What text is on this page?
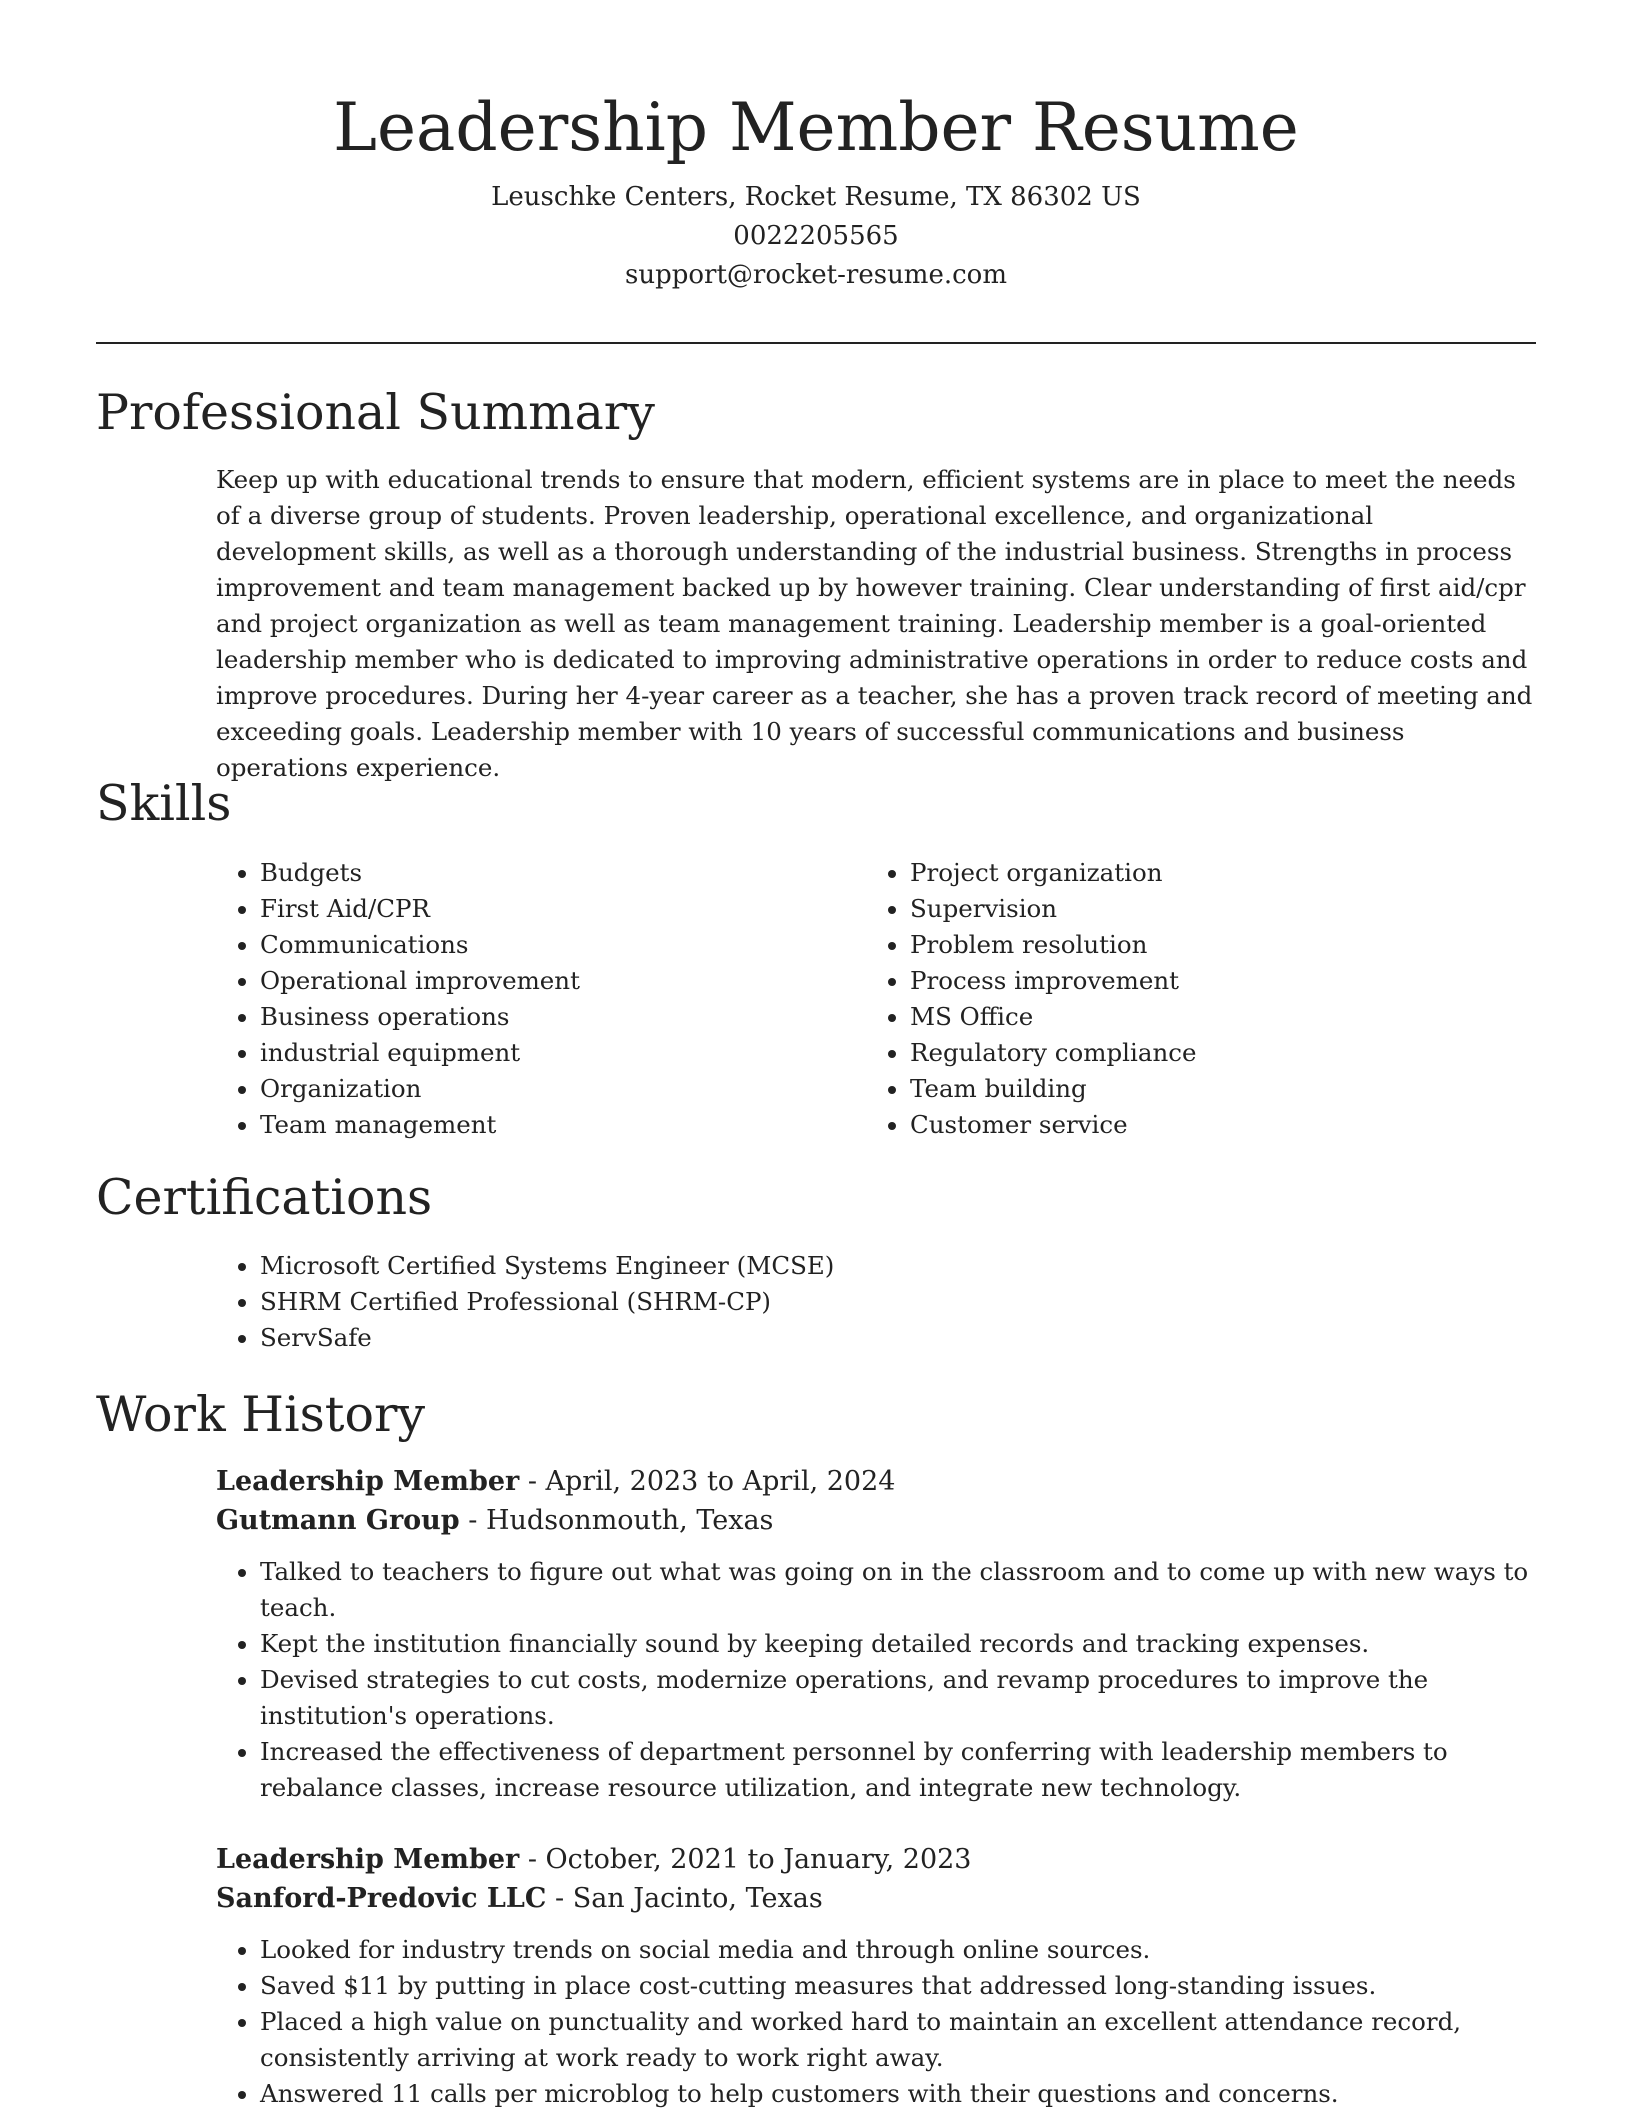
Leadership Member Resume
Leuschke Centers, Rocket Resume, TX 86302 US
0022205565
support@rocket-resume.com
Professional Summary

Keep up with educational trends to ensure that modern, efficient systems are in place to meet the needs of a diverse group of students. Proven leadership, operational excellence, and organizational development skills, as well as a thorough understanding of the industrial business. Strengths in process improvement and team management backed up by however training. Clear understanding of first aid/cpr and project organization as well as team management training. Leadership member is a goal-oriented leadership member who is dedicated to improving administrative operations in order to reduce costs and improve procedures. During her 4-year career as a teacher, she has a proven track record of meeting and exceeding goals. Leadership member with 10 years of successful communications and business operations experience.

Skills
• Budgets
• First Aid/CPR
• Communications
• Operational improvement
• Business operations
• industrial equipment
• Organization
• Team management
• Project organization
• Supervision
• Problem resolution
• Process improvement
• MS Office
• Regulatory compliance
• Team building
• Customer service
Certifications
• Microsoft Certified Systems Engineer (MCSE)
• SHRM Certified Professional (SHRM-CP)
• ServSafe
Work History
Leadership Member - April, 2023 to April, 2024
Gutmann Group - Hudsonmouth, Texas
• Talked to teachers to figure out what was going on in the classroom and to come up with new ways to teach.
• Kept the institution financially sound by keeping detailed records and tracking expenses.
• Devised strategies to cut costs, modernize operations, and revamp procedures to improve the institution's operations.
• Increased the effectiveness of department personnel by conferring with leadership members to rebalance classes, increase resource utilization, and integrate new technology.
Leadership Member - October, 2021 to January, 2023
Sanford-Predovic LLC - San Jacinto, Texas
• Looked for industry trends on social media and through online sources.
• Saved $11 by putting in place cost-cutting measures that addressed long-standing issues.
• Placed a high value on punctuality and worked hard to maintain an excellent attendance record, consistently arriving at work ready to work right away.
• Answered 11 calls per microblog to help customers with their questions and concerns.
